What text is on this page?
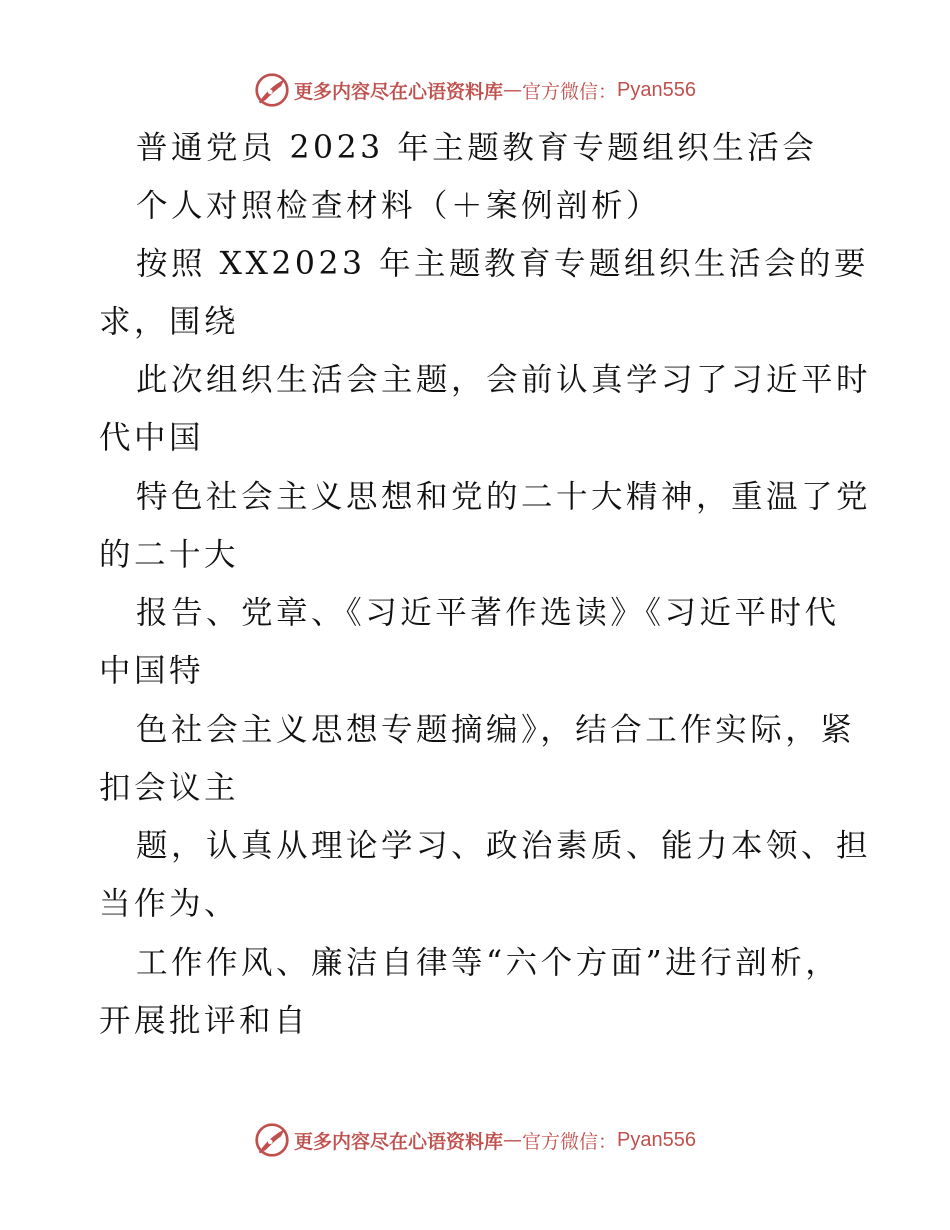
更多内容尽在心语资料库 — 官方微信： Pyan556
普通党员 2023 年主题教育专题组织生活会
个人对照检查材料（＋案例剖析）
按照 XX2023 年主题教育专题组织生活会的要
求，围绕
此次组织生活会主题，会前认真学习了习近平时
代中国
特色社会主义思想和党的二十大精神，重温了党
的二十大
报告、党章、《习近平著作选读》《习近平时代
中国特
色社会主义思想专题摘编》，结合工作实际，紧
扣会议主
题，认真从理论学习、政治素质、能力本领、担
当作为、
工作作风、廉洁自律等“六个方面”进行剖析，
开展批评和自
更多内容尽在心语资料库 — 官方微信： Pyan556
